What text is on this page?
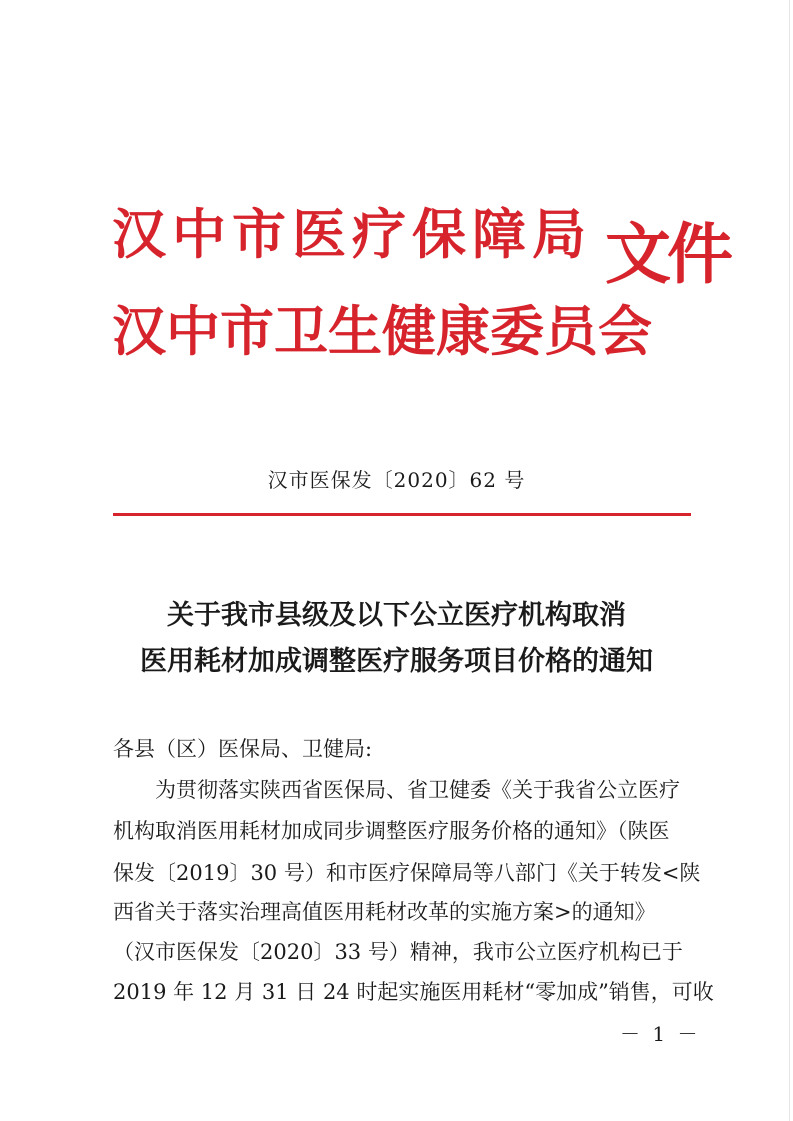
汉中市医疗保障局
汉中市卫生健康委员会
文件
汉市医保发〔2020〕62 号
关于我市县级及以下公立医疗机构取消
医用耗材加成调整医疗服务项目价格的通知
各县（区）医保局、卫健局:
　　为贯彻落实陕西省医保局、省卫健委《关于我省公立医疗
机构取消医用耗材加成同步调整医疗服务价格的通知》（陕医
保发〔2019〕30 号）和市医疗保障局等八部门《关于转发<陕
西省关于落实治理高值医用耗材改革的实施方案>的通知》
（汉市医保发〔2020〕33 号）精神，我市公立医疗机构已于
2019 年 12 月 31 日 24 时起实施医用耗材“零加成”销售，可收
－ 1 －
